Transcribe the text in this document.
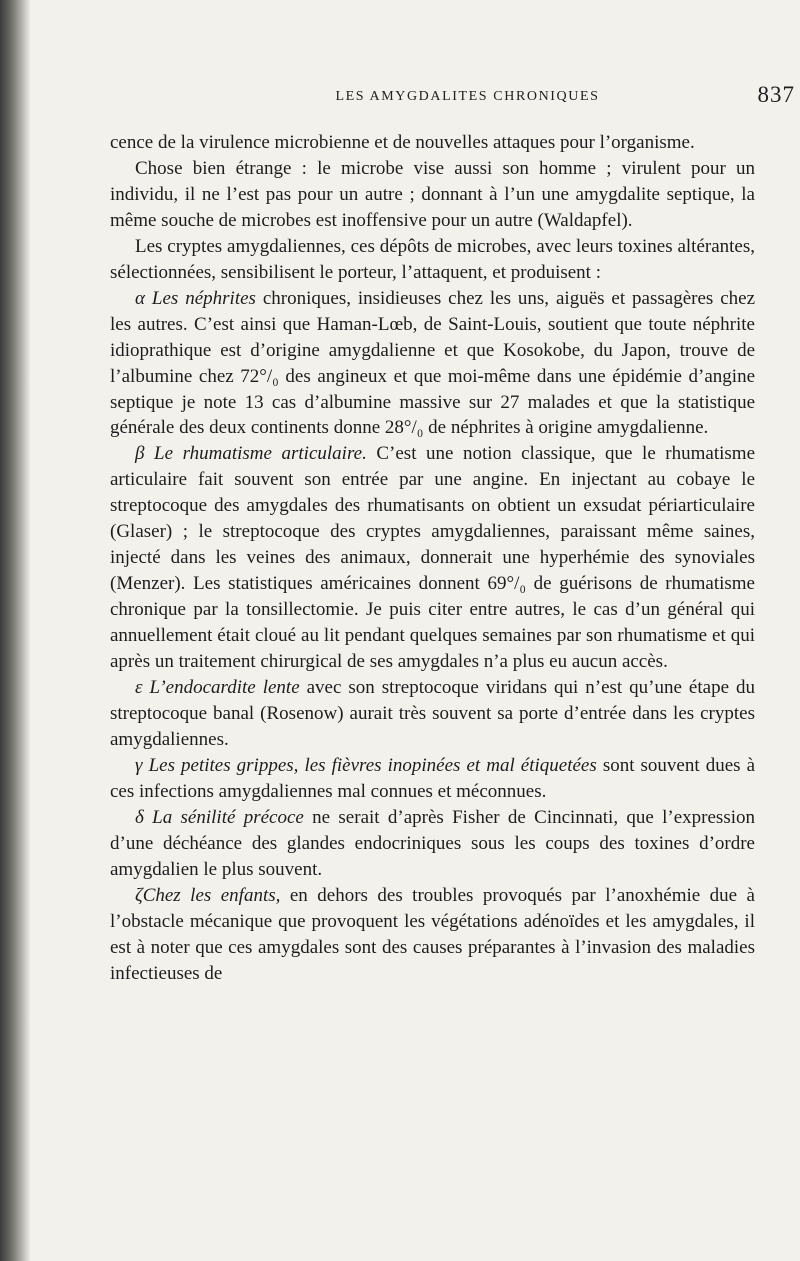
LES AMYGDALITES CHRONIQUES	837

cence de la virulence microbienne et de nouvelles attaques pour l’organisme.

Chose bien étrange : le microbe vise aussi son homme ; virulent pour un individu, il ne l’est pas pour un autre ; donnant à l’un une amygdalite septique, la même souche de microbes est inoffensive pour un autre (Waldapfel).

Les cryptes amygdaliennes, ces dépôts de microbes, avec leurs toxines altérantes, sélectionnées, sensibilisent le porteur, l’attaquent, et produisent :

α Les néphrites chroniques, insidieuses chez les uns, aiguës et passagères chez les autres. C’est ainsi que Haman-Lœb, de Saint-Louis, soutient que toute néphrite idioprathique est d’origine amygdalienne et que Kosokobe, du Japon, trouve de l’albumine chez 72°/₀ des angineux et que moi-même dans une épidémie d’angine septique je note 13 cas d’albumine massive sur 27 malades et que la statistique générale des deux continents donne 28°/₀ de néphrites à origine amygdalienne.

β Le rhumatisme articulaire. C’est une notion classique, que le rhumatisme articulaire fait souvent son entrée par une angine. En injectant au cobaye le streptocoque des amygdales des rhumatisants on obtient un exsudat périarticulaire (Glaser) ; le streptocoque des cryptes amygdaliennes, paraissant même saines, injecté dans les veines des animaux, donnerait une hyperhémie des synoviales (Menzer). Les statistiques américaines donnent 69°/₀ de guérisons de rhumatisme chronique par la tonsillectomie. Je puis citer entre autres, le cas d’un général qui annuellement était cloué au lit pendant quelques semaines par son rhumatisme et qui après un traitement chirurgical de ses amygdales n’a plus eu aucun accès.

ε L’endocardite lente avec son streptocoque viridans qui n’est qu’une étape du streptocoque banal (Rosenow) aurait très souvent sa porte d’entrée dans les cryptes amygdaliennes.

γ Les petites grippes, les fièvres inopinées et mal étiquetées sont souvent dues à ces infections amygdaliennes mal connues et méconnues.

δ La sénilité précoce ne serait d’après Fisher de Cincinnati, que l’expression d’une déchéance des glandes endocriniques sous les coups des toxines d’ordre amygdalien le plus souvent.

ζChez les enfants, en dehors des troubles provoqués par l’anoxhémie due à l’obstacle mécanique que provoquent les végétations adénoïdes et les amygdales, il est à noter que ces amygdales sont des causes préparantes à l’invasion des maladies infectieuses de
